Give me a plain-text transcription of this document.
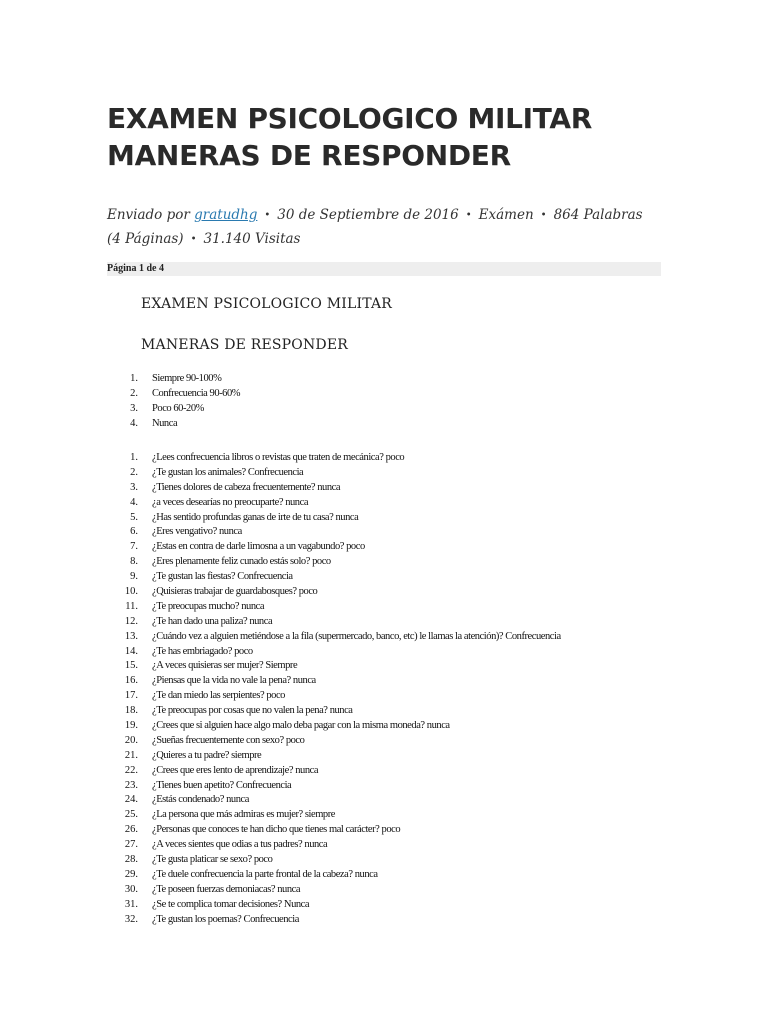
EXAMEN PSICOLOGICO MILITAR MANERAS DE RESPONDER
Enviado por gratudhg • 30 de Septiembre de 2016 • Exámen • 864 Palabras (4 Páginas) • 31.140 Visitas
Página 1 de 4
EXAMEN PSICOLOGICO MILITAR
MANERAS DE RESPONDER
1. Siempre 90-100%
2. Confrecuencia 90-60%
3. Poco 60-20%
4. Nunca
1. ¿Lees confrecuencia libros o revistas que traten de mecánica? poco
2. ¿Te gustan los animales? Confrecuencia
3. ¿Tienes dolores de cabeza frecuentemente? nunca
4. ¿a veces desearías no preocuparte? nunca
5. ¿Has sentido profundas ganas de irte de tu casa? nunca
6. ¿Eres vengativo? nunca
7. ¿Estas en contra de darle limosna a un vagabundo? poco
8. ¿Eres plenamente feliz cunado estás solo? poco
9. ¿Te gustan las fiestas? Confrecuencia
10. ¿Quisieras trabajar de guardabosques? poco
11. ¿Te preocupas mucho? nunca
12. ¿Te han dado una paliza? nunca
13. ¿Cuándo vez a alguien metiéndose a la fila (supermercado, banco, etc) le llamas la atención)? Confrecuencia
14. ¿Te has embriagado? poco
15. ¿A veces quisieras ser mujer? Siempre
16. ¿Piensas que la vida no vale la pena? nunca
17. ¿Te dan miedo las serpientes? poco
18. ¿Te preocupas por cosas que no valen la pena? nunca
19. ¿Crees que si alguien hace algo malo deba pagar con la misma moneda? nunca
20. ¿Sueñas frecuentemente con sexo? poco
21. ¿Quieres a tu padre? siempre
22. ¿Crees que eres lento de aprendizaje? nunca
23. ¿Tienes buen apetito? Confrecuencia
24. ¿Estás condenado? nunca
25. ¿La persona que más admiras es mujer? siempre
26. ¿Personas que conoces te han dicho que tienes mal carácter? poco
27. ¿A veces sientes que odias a tus padres? nunca
28. ¿Te gusta platicar se sexo? poco
29. ¿Te duele confrecuencia la parte frontal de la cabeza? nunca
30. ¿Te poseen fuerzas demoniacas? nunca
31. ¿Se te complica tomar decisiones? Nunca
32. ¿Te gustan los poemas? Confrecuencia
